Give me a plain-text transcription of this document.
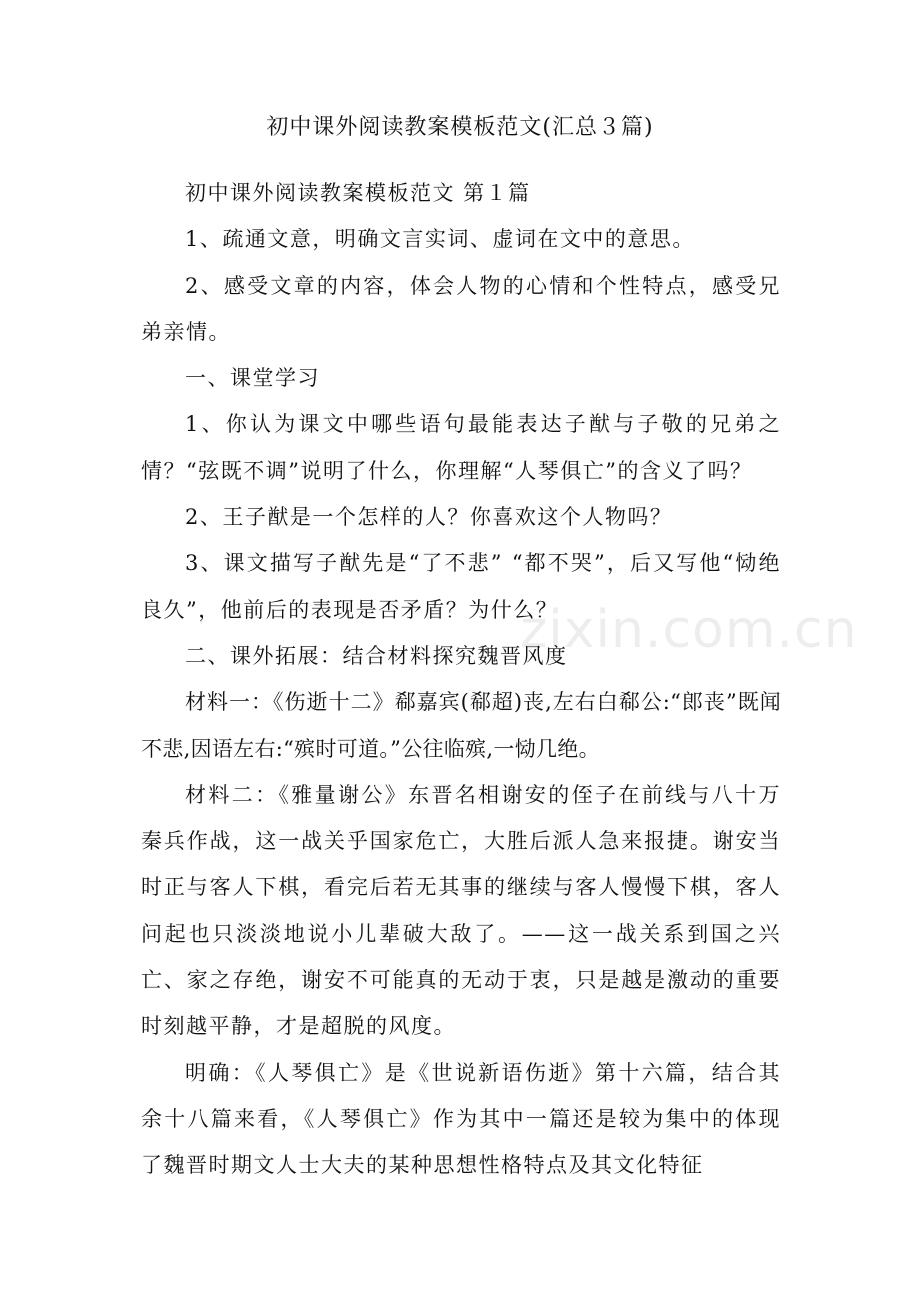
初中课外阅读教案模板范文(汇总３篇)

初中课外阅读教案模板范文 第１篇

1、疏通文意，明确文言实词、虚词在文中的意思。

2、感受文章的内容，体会人物的心情和个性特点，感受兄弟亲情。

一、课堂学习

1、你认为课文中哪些语句最能表达子猷与子敬的兄弟之情？“弦既不调”说明了什么，你理解“人琴俱亡”的含义了吗？

2、王子猷是一个怎样的人？你喜欢这个人物吗？

3、课文描写子猷先是“了不悲” “都不哭”，后又写他“恸绝良久”，他前后的表现是否矛盾？为什么？

二、课外拓展：结合材料探究魏晋风度

材料一：《伤逝十二》郗嘉宾(郗超)丧,左右白郗公:“郎丧”既闻不悲,因语左右:“殡时可道。”公往临殡,一恸几绝。

材料二：《雅量谢公》东晋名相谢安的侄子在前线与八十万秦兵作战，这一战关乎国家危亡，大胜后派人急来报捷。谢安当时正与客人下棋，看完后若无其事的继续与客人慢慢下棋，客人问起也只淡淡地说小儿辈破大敌了。——这一战关系到国之兴亡、家之存绝，谢安不可能真的无动于衷，只是越是激动的重要时刻越平静，才是超脱的风度。

明确：《人琴俱亡》是《世说新语伤逝》第十六篇，结合其余十八篇来看，《人琴俱亡》作为其中一篇还是较为集中的体现了魏晋时期文人士大夫的某种思想性格特点及其文化特征

zixin.com.cn
